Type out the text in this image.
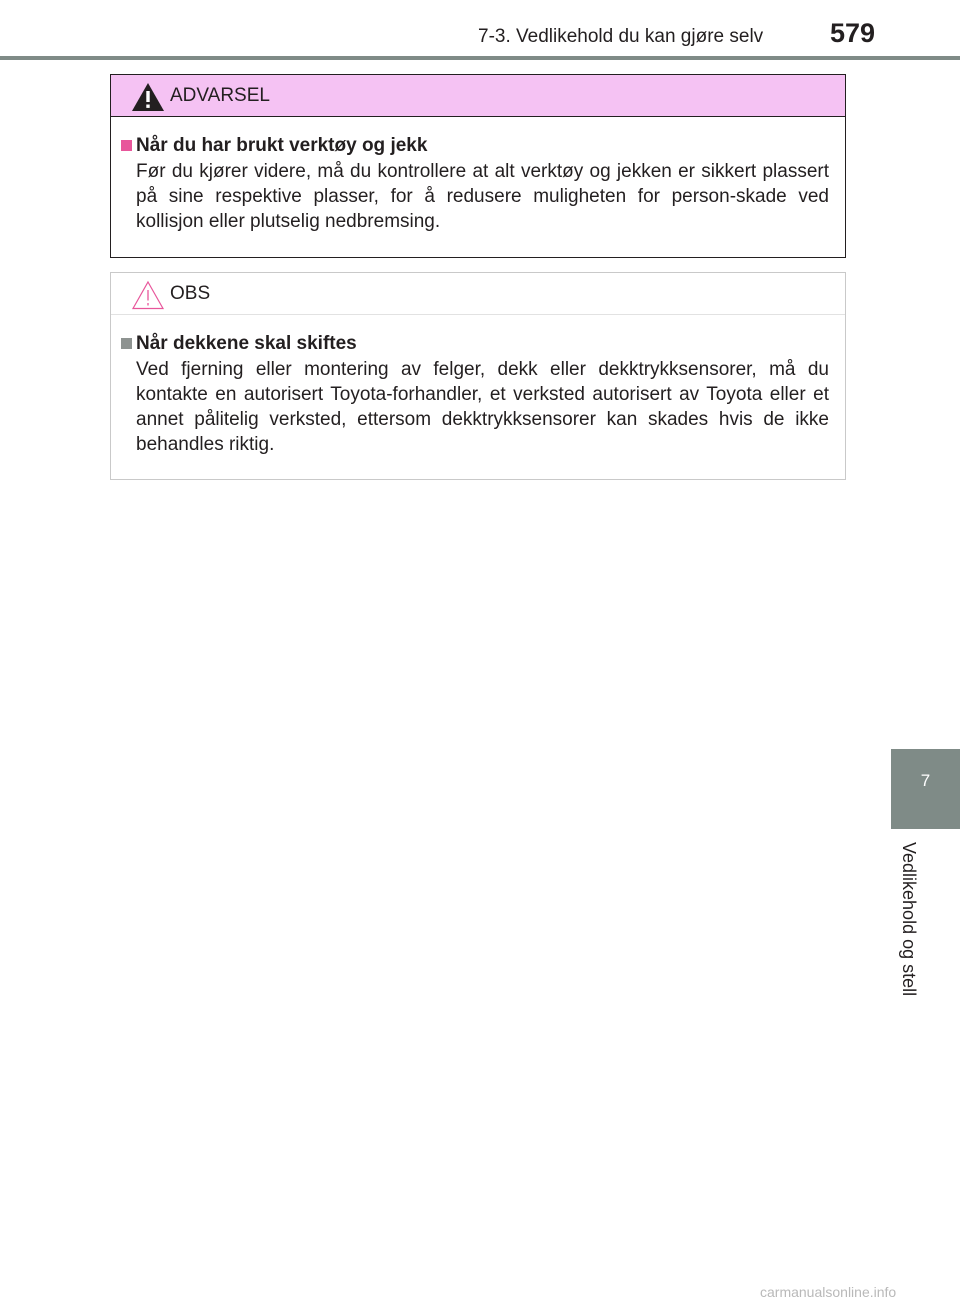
7-3. Vedlikehold du kan gjøre selv 579
ADVARSEL
Når du har brukt verktøy og jekk

Før du kjører videre, må du kontrollere at alt verktøy og jekken er sikkert plassert på sine respektive plasser, for å redusere muligheten for person-skade ved kollisjon eller plutselig nedbremsing.

OBS
Når dekkene skal skiftes

Ved fjerning eller montering av felger, dekk eller dekktrykksensorer, må du kontakte en autorisert Toyota-forhandler, et verksted autorisert av Toyota eller et annet pålitelig verksted, ettersom dekktrykksensorer kan skades hvis de ikke behandles riktig.

7
Vedlikehold og stell
carmanualsonline.info
